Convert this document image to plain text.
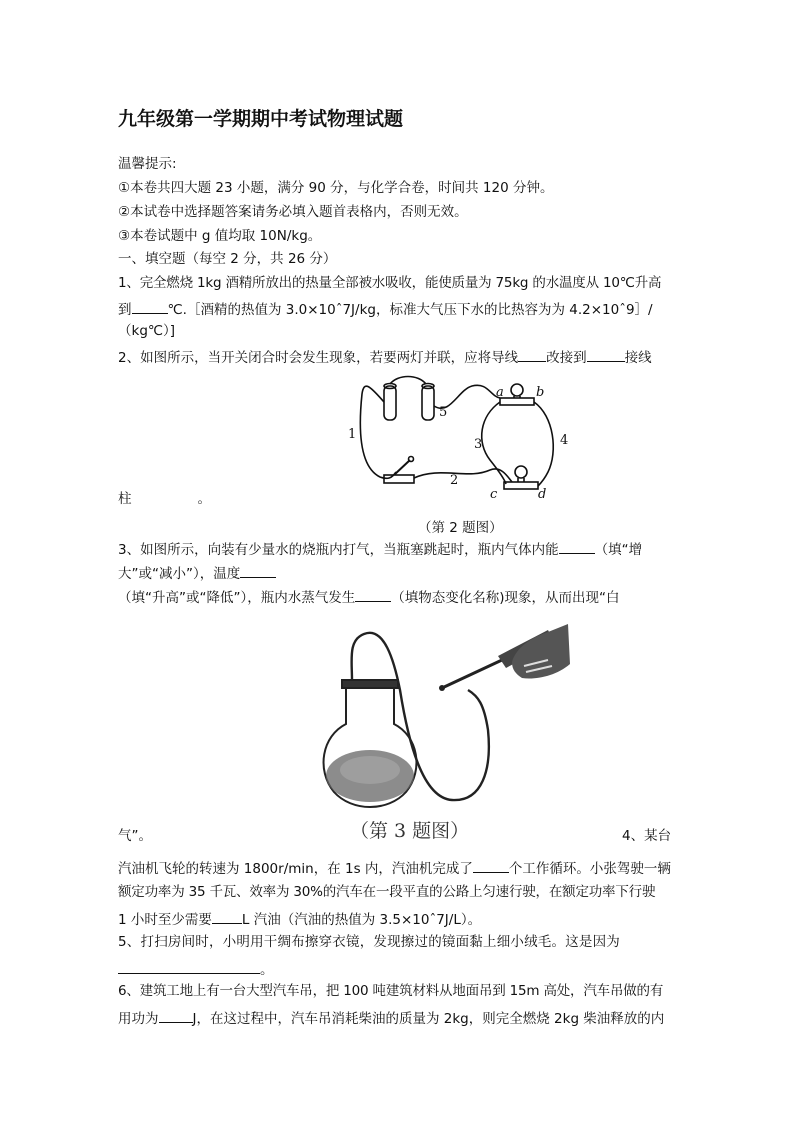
九年级第一学期期中考试物理试题
温馨提示:
①本卷共四大题 23 小题，满分 90 分，与化学合卷，时间共 120 分钟。
②本试卷中选择题答案请务必填入题首表格内，否则无效。
③本卷试题中 g 值均取 10N/kg。
一、填空题（每空 2 分，共 26 分）
1、完全燃烧 1kg 酒精所放出的热量全部被水吸收，能使质量为 75kg 的水温度从 10℃升高
到	℃.［酒精的热值为 3.0×10ˆ7J/kg，标准大气压下水的比热容为为 4.2×10ˆ9］/
（kg℃）]
2、如图所示，当开关闭合时会发生现象，若要两灯并联，应将导线 改接到	接线
1
2
3	4
5
a b
c	d
柱	。
（第 2 题图）
3、如图所示，向装有少量水的烧瓶内打气，当瓶塞跳起时，瓶内气体内能	（填“增
大”或“减小”），温度
（填“升高”或“降低”），瓶内水蒸气发生	（填物态变化名称)现象，从而出现“白
（第 3 题图）
气”。	4、某台
汽油机飞轮的转速为 1800r/min，在 1s 内，汽油机完成了	个工作循环。小张驾驶一辆
额定功率为 35 千瓦、效率为 30%的汽车在一段平直的公路上匀速行驶，在额定功率下行驶
1 小时至少需要 L 汽油（汽油的热值为 3.5×10ˆ7J/L）。
5、打扫房间时，小明用干绸布擦穿衣镜，发现擦过的镜面黏上细小绒毛。这是因为
。
6、建筑工地上有一台大型汽车吊，把 100 吨建筑材料从地面吊到 15m 高处，汽车吊做的有
用功为	J，在这过程中，汽车吊消耗柴油的质量为 2kg，则完全燃烧 2kg 柴油释放的内
